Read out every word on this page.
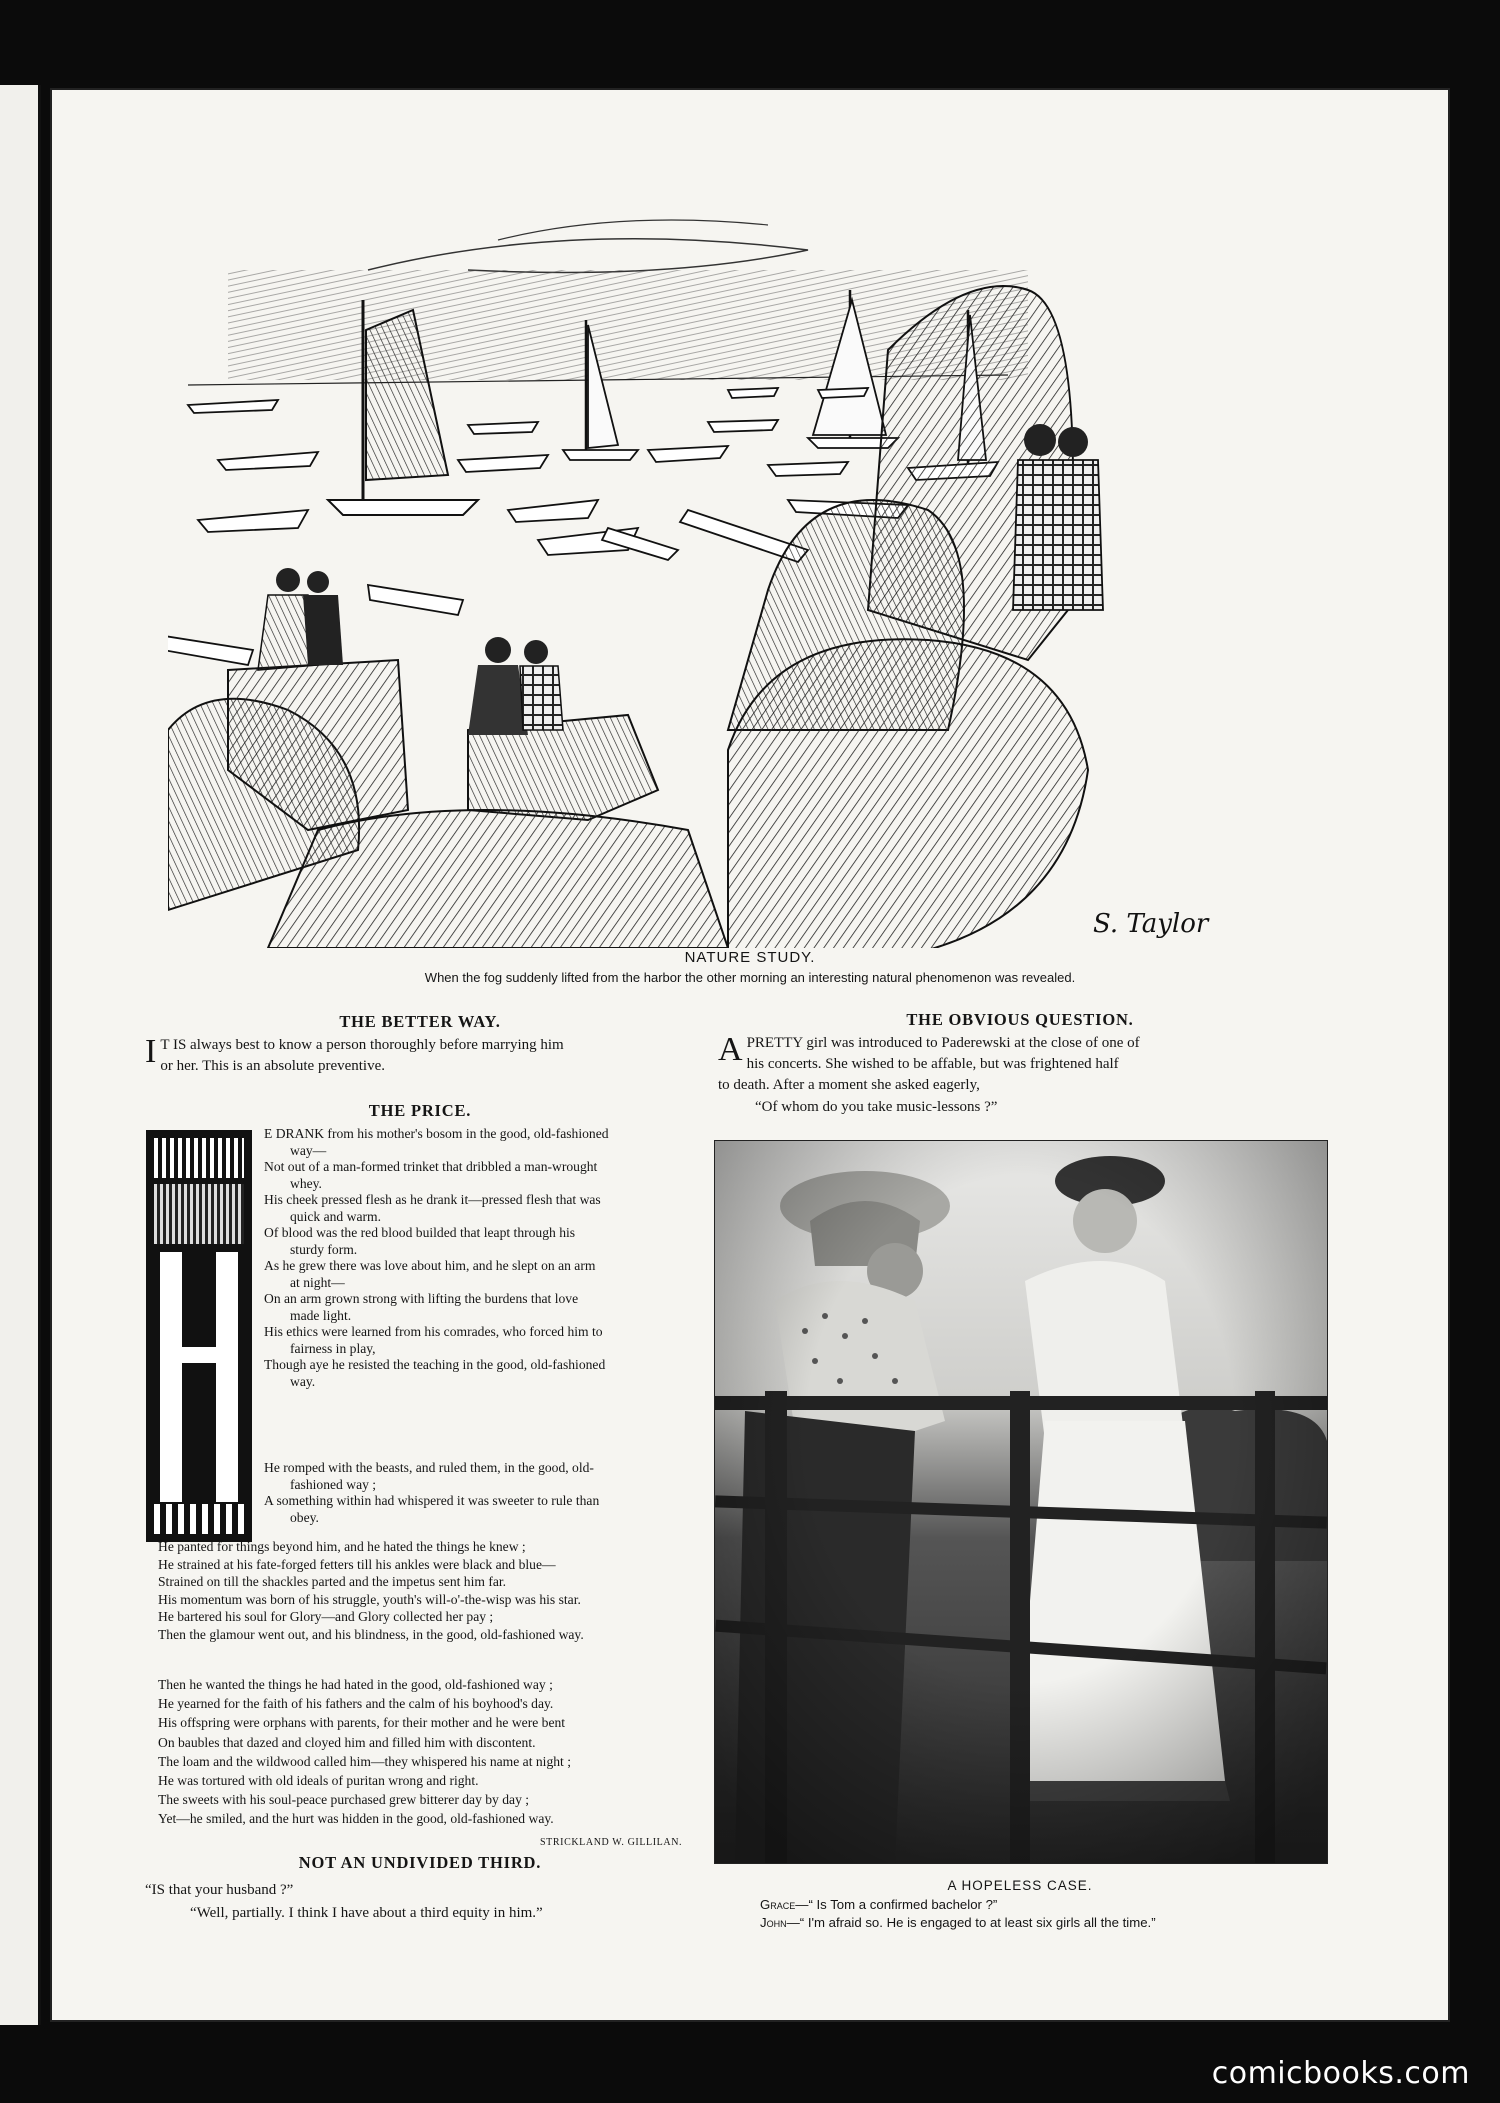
S. Taylor
NATURE STUDY.
When the fog suddenly lifted from the harbor the other morning an interesting natural phenomenon was revealed.
THE BETTER WAY.
I T IS always best to know a person thoroughly before marrying him
or her. This is an absolute preventive.
THE PRICE.
E DRANK from his mother's bosom in the good, old-fashioned
way—
Not out of a man-formed trinket that dribbled a man-wrought
whey.
His cheek pressed flesh as he drank it—pressed flesh that was
quick and warm.
Of blood was the red blood builded that leapt through his
sturdy form.
As he grew there was love about him, and he slept on an arm
at night—
On an arm grown strong with lifting the burdens that love
made light.
His ethics were learned from his comrades, who forced him to
fairness in play,
Though aye he resisted the teaching in the good, old-fashioned
way.
He romped with the beasts, and ruled them, in the good, old-
fashioned way ;
A something within had whispered it was sweeter to rule than
obey.
He panted for things beyond him, and he hated the things he knew ;
He strained at his fate-forged fetters till his ankles were black and blue—
Strained on till the shackles parted and the impetus sent him far.
His momentum was born of his struggle, youth's will-o'-the-wisp was his star.
He bartered his soul for Glory—and Glory collected her pay ;
Then the glamour went out, and his blindness, in the good, old-fashioned way.
Then he wanted the things he had hated in the good, old-fashioned way ;
He yearned for the faith of his fathers and the calm of his boyhood's day.
His offspring were orphans with parents, for their mother and he were bent
On baubles that dazed and cloyed him and filled him with discontent.
The loam and the wildwood called him—they whispered his name at night ;
He was tortured with old ideals of puritan wrong and right.
The sweets with his soul-peace purchased grew bitterer day by day ;
Yet—he smiled, and the hurt was hidden in the good, old-fashioned way.
STRICKLAND W. GILLILAN.
NOT AN UNDIVIDED THIRD.
“IS that your husband ?”
“Well, partially. I think I have about a third equity in him.”
THE OBVIOUS QUESTION.
A PRETTY girl was introduced to Paderewski at the close of one of
his concerts. She wished to be affable, but was frightened half
to death. After a moment she asked eagerly,
“Of whom do you take music-lessons ?”
A HOPELESS CASE.
Grace—“ Is Tom a confirmed bachelor ?”
John—“ I'm afraid so. He is engaged to at least six girls all the time.”
comicbooks.com
